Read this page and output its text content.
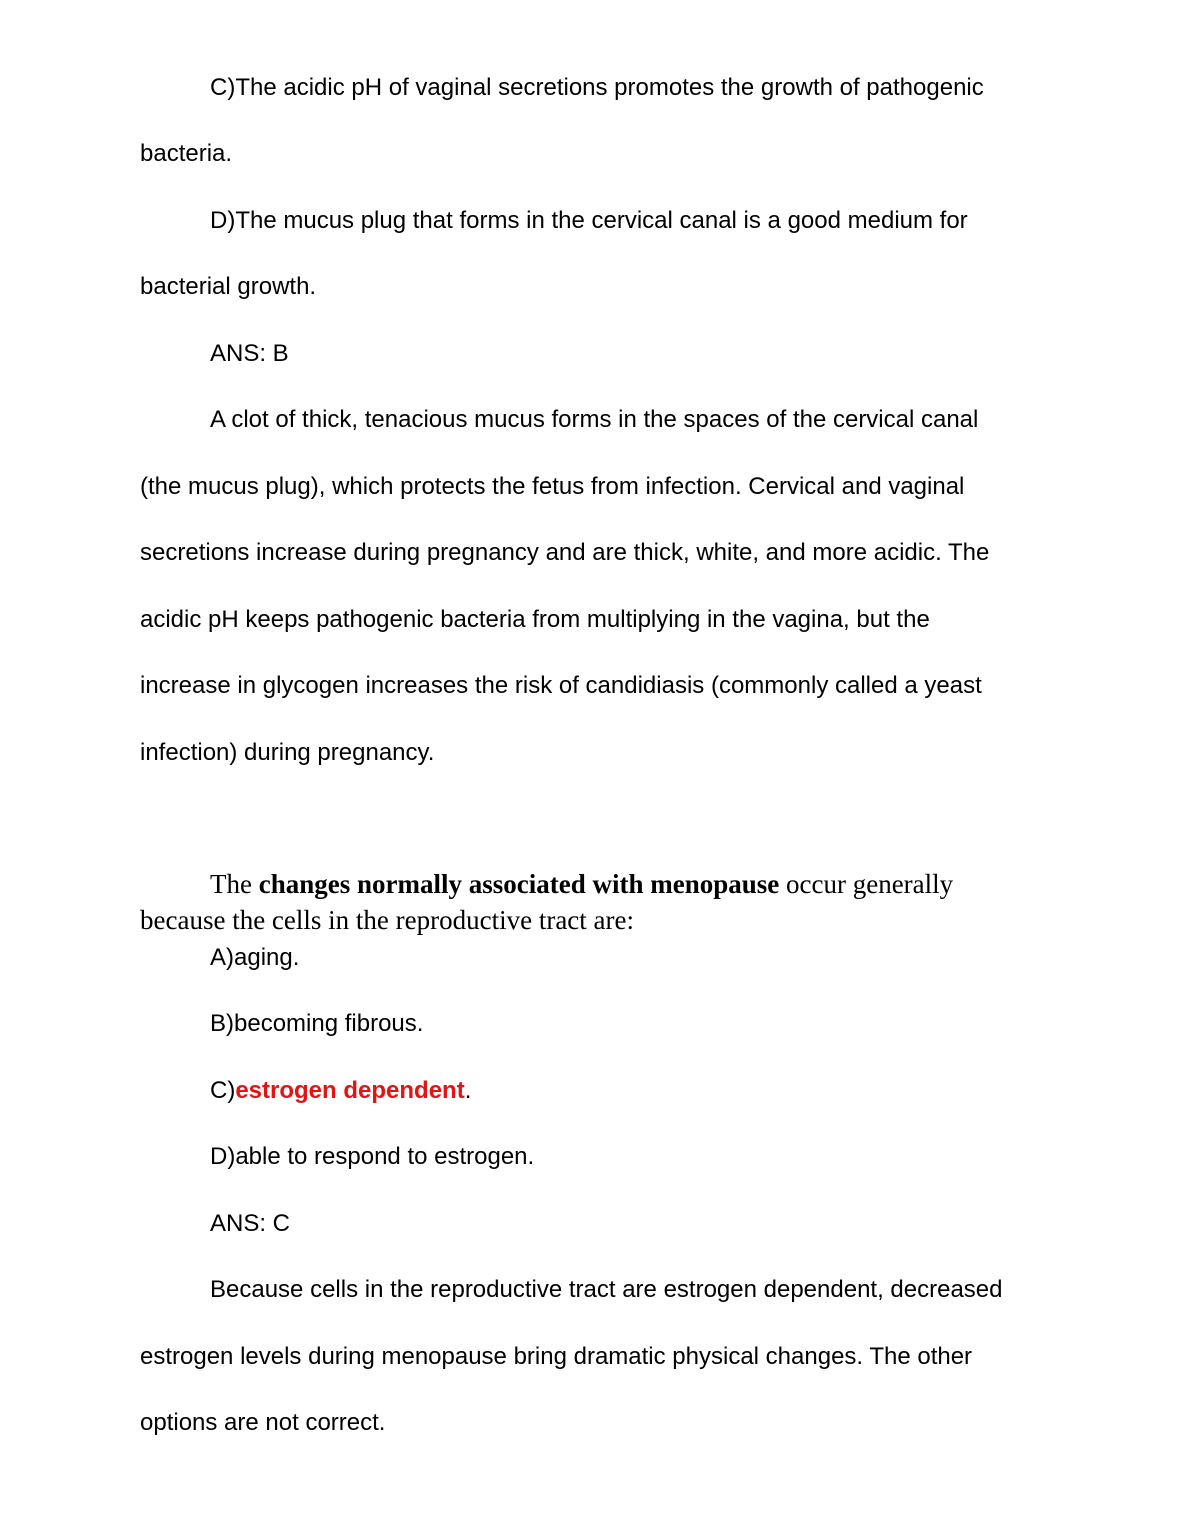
C)The acidic pH of vaginal secretions promotes the growth of pathogenic
bacteria.
D)The mucus plug that forms in the cervical canal is a good medium for
bacterial growth.
ANS: B
A clot of thick, tenacious mucus forms in the spaces of the cervical canal
(the mucus plug), which protects the fetus from infection. Cervical and vaginal
secretions increase during pregnancy and are thick, white, and more acidic. The
acidic pH keeps pathogenic bacteria from multiplying in the vagina, but the
increase in glycogen increases the risk of candidiasis (commonly called a yeast
infection) during pregnancy.
The changes normally associated with menopause occur generally
because the cells in the reproductive tract are:
A)aging.
B)becoming fibrous.
C)estrogen dependent.
D)able to respond to estrogen.
ANS: C
Because cells in the reproductive tract are estrogen dependent, decreased
estrogen levels during menopause bring dramatic physical changes. The other
options are not correct.
